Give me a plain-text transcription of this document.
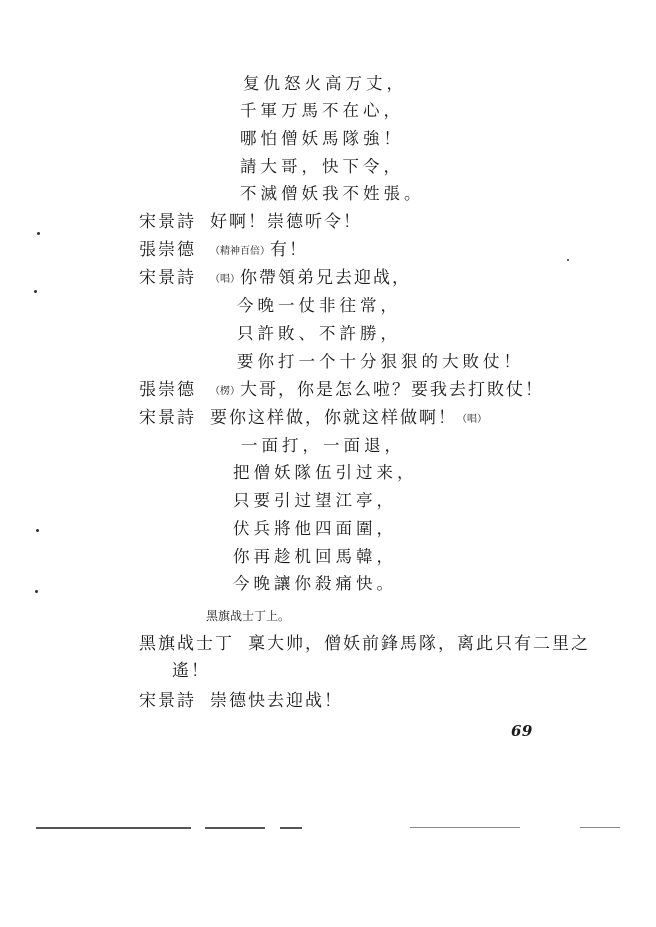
复仇怒火高万丈，
千軍万馬不在心，
哪怕僧妖馬隊強！
請大哥，快下令，
不滅僧妖我不姓張。
宋景詩 好啊！崇德听令！
張崇德 （精神百倍）有！
宋景詩 （唱）你帶領弟兄去迎战，
今晚一仗非往常，
只許敗、不許勝，
要你打一个十分狠狠的大敗仗！
張崇德 （楞）大哥，你是怎么啦？要我去打敗仗！
宋景詩 要你这样做，你就这样做啊！（唱）
一面打，一面退，
把僧妖隊伍引过来，
只要引过望江亭，
伏兵將他四面圍，
你再趁机回馬韓，
今晚讓你殺痛快。
黑旗战士丁上。
黑旗战士丁 稟大帅，僧妖前鋒馬隊，离此只有二里之
遙！
宋景詩 崇德快去迎战！
69
